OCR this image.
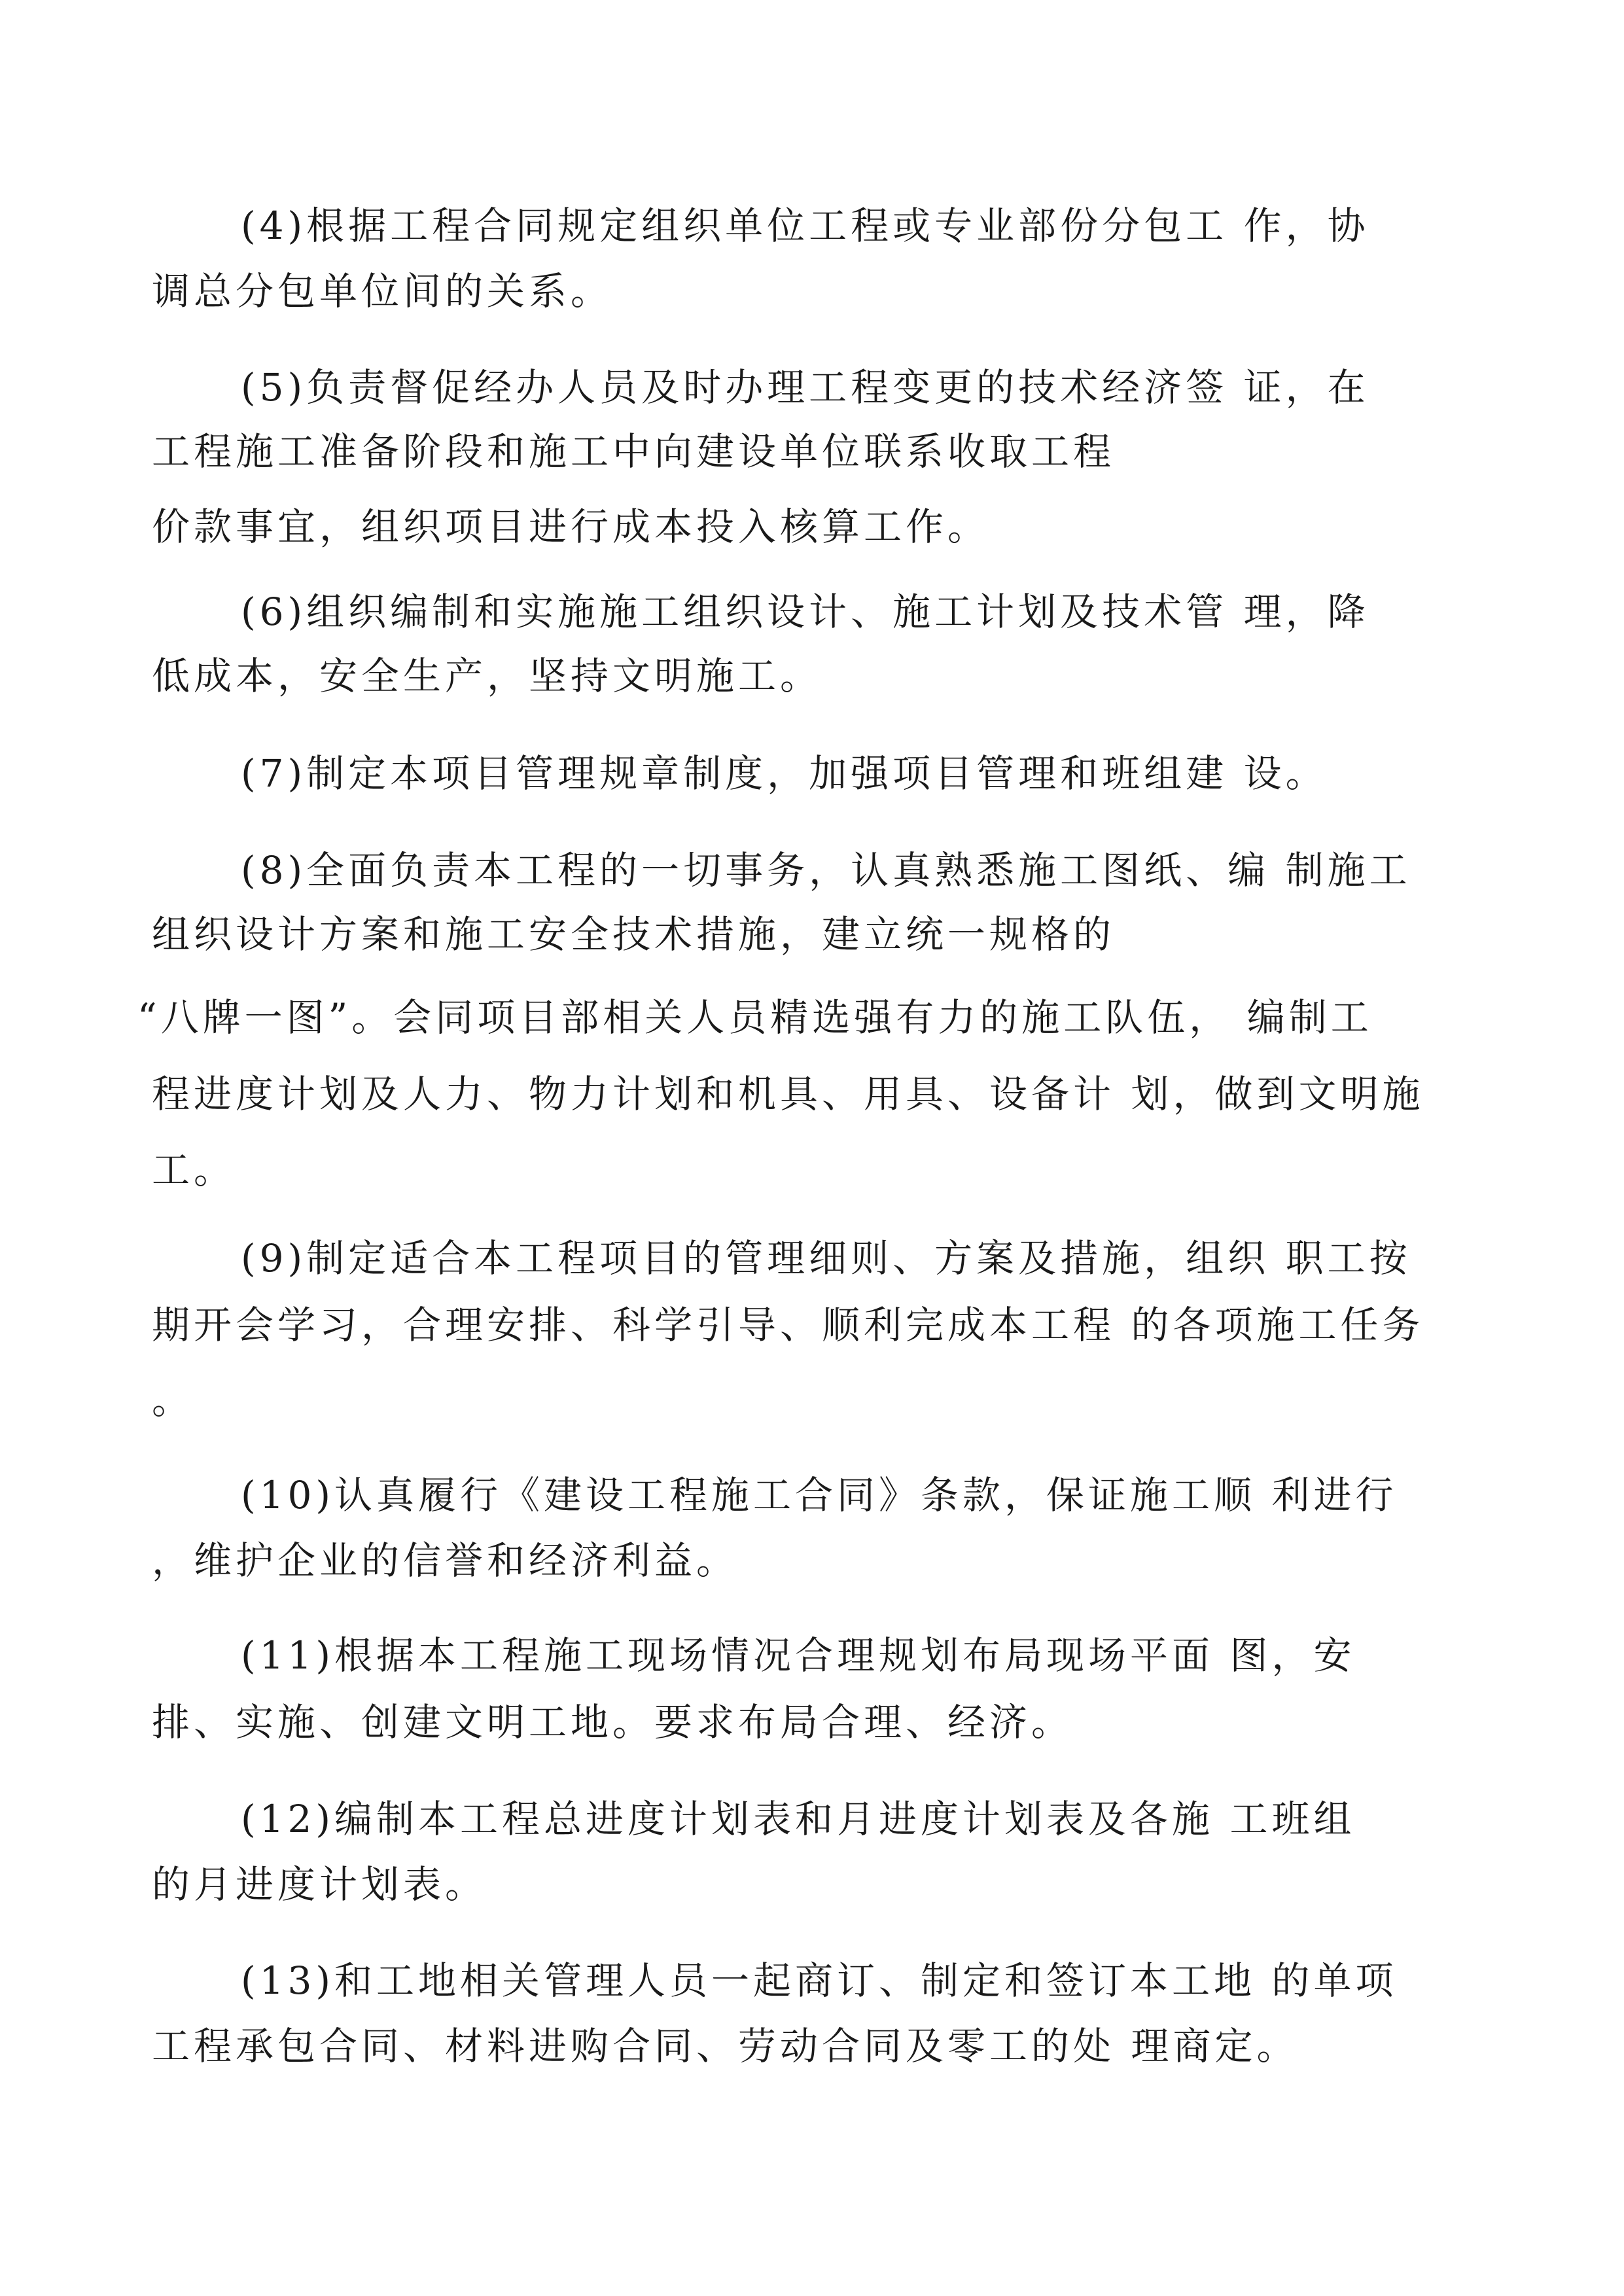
(4)根据工程合同规定组织单位工程或专业部份分包工 作，协

调总分包单位间的关系。

(5)负责督促经办人员及时办理工程变更的技术经济签 证，在

工程施工准备阶段和施工中向建设单位联系收取工程

价款事宜，组织项目进行成本投入核算工作。

(6)组织编制和实施施工组织设计、施工计划及技术管 理，降

低成本，安全生产，坚持文明施工。

(7)制定本项目管理规章制度，加强项目管理和班组建 设。

(8)全面负责本工程的一切事务，认真熟悉施工图纸、编 制施工

组织设计方案和施工安全技术措施，建立统一规格的

“八牌一图”。会同项目部相关人员精选强有力的施工队伍， 编制工

程进度计划及人力、物力计划和机具、用具、设备计 划，做到文明施

工。

(9)制定适合本工程项目的管理细则、方案及措施，组织 职工按

期开会学习，合理安排、科学引导、顺利完成本工程 的各项施工任务

。

(10)认真履行《建设工程施工合同》条款，保证施工顺 利进行

，维护企业的信誉和经济利益。

(11)根据本工程施工现场情况合理规划布局现场平面 图，安

排、实施、创建文明工地。要求布局合理、经济。

(12)编制本工程总进度计划表和月进度计划表及各施 工班组

的月进度计划表。

(13)和工地相关管理人员一起商订、制定和签订本工地 的单项

工程承包合同、材料进购合同、劳动合同及零工的处 理商定。
